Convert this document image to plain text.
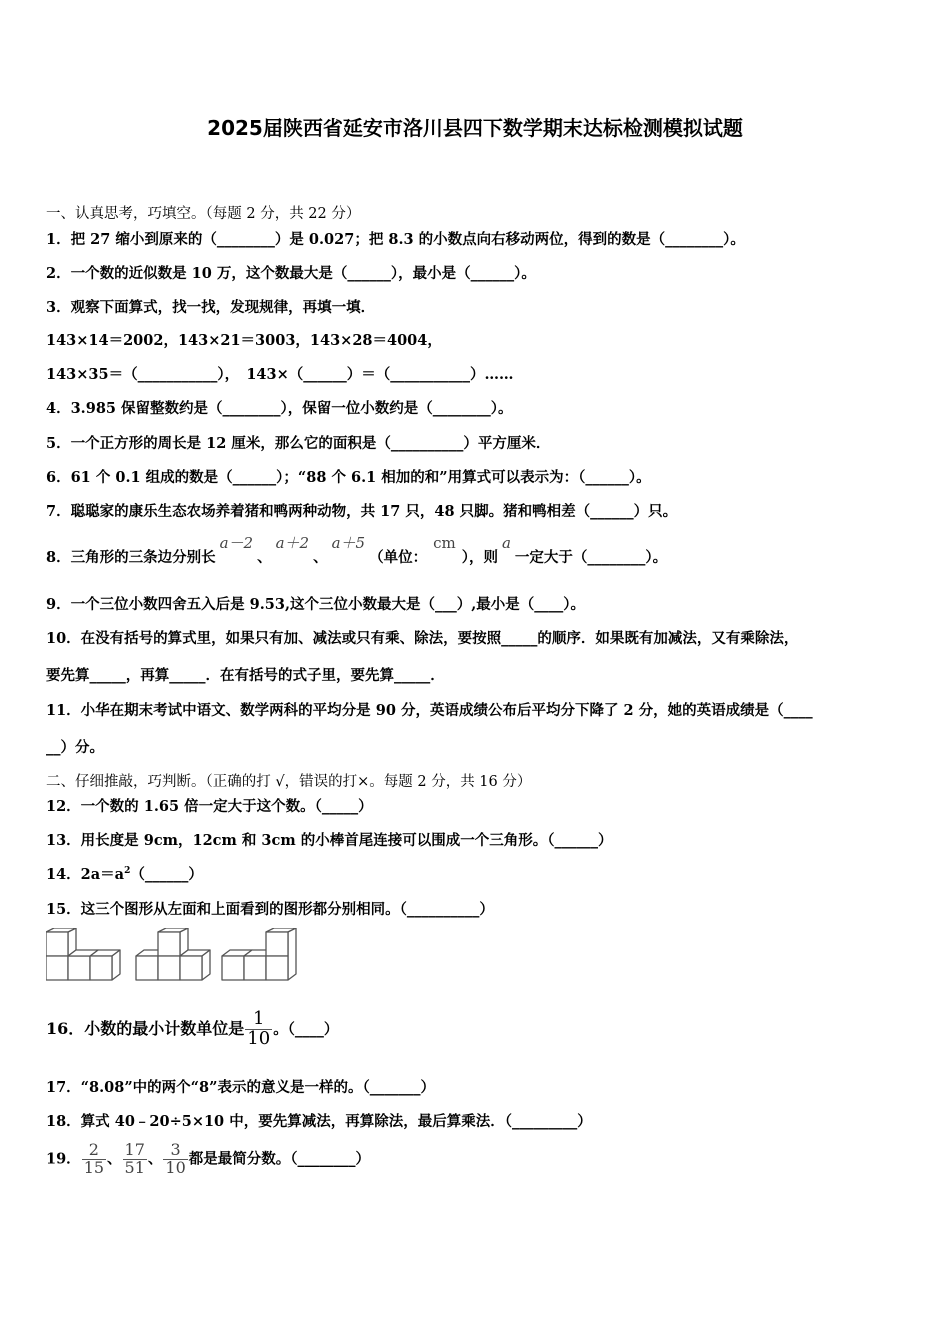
2025届陕西省延安市洛川县四下数学期末达标检测模拟试题
一、认真思考，巧填空。（每题 2 分，共 22 分）
1．把 27 缩小到原来的（________）是 0.027；把 8.3 的小数点向右移动两位，得到的数是（________）。
2．一个数的近似数是 10 万，这个数最大是（______），最小是（______）。
3．观察下面算式，找一找，发现规律，再填一填．
143×14＝2002，143×21＝3003，143×28＝4004，
143×35＝（___________），　143×（______）＝（___________）……
4．3.985 保留整数约是（________），保留一位小数约是（________）。
5．一个正方形的周长是 12 厘米，那么它的面积是（__________）平方厘米．
6．61 个 0.1 组成的数是（______）；“88 个 6.1 相加的和”用算式可以表示为：（______）。
7．聪聪家的康乐生态农场养着猪和鸭两种动物，共 17 只，48 只脚。猪和鸭相差（______）只。
8．三角形的三条边分别长a－2、a＋2、a＋5（单位：cm），则a一定大于（________）。
9．一个三位小数四舍五入后是 9.53,这个三位小数最大是（___）,最小是（____）。
10．在没有括号的算式里，如果只有加、减法或只有乘、除法，要按照_____的顺序．如果既有加减法，又有乘除法，
要先算_____，再算_____．在有括号的式子里，要先算_____．
11．小华在期末考试中语文、数学两科的平均分是 90 分，英语成绩公布后平均分下降了 2 分，她的英语成绩是（____
__）分。
二、仔细推敲，巧判断。（正确的打 √，错误的打×。每题 2 分，共 16 分）
12．一个数的 1.65 倍一定大于这个数。（_____）
13．用长度是 9cm，12cm 和 3cm 的小棒首尾连接可以围成一个三角形。（______）
14．$2a=a^2(\_\_\_\_\_\_)$
15．这三个图形从左面和上面看到的图形都分别相同。（__________）
16．小数的最小计数单位是 $\frac{1}{10}$ 。（____）
17．“8.08”中的两个“8”表示的意义是一样的。（_______）
18．算式 40﹣20÷5×10 中，要先算减法，再算除法，最后算乘法．（_________）
19． $\frac{2}{15}$ 、 $\frac{17}{51}$ 、 $\frac{3}{10}$ 都是最简分数。（________）
